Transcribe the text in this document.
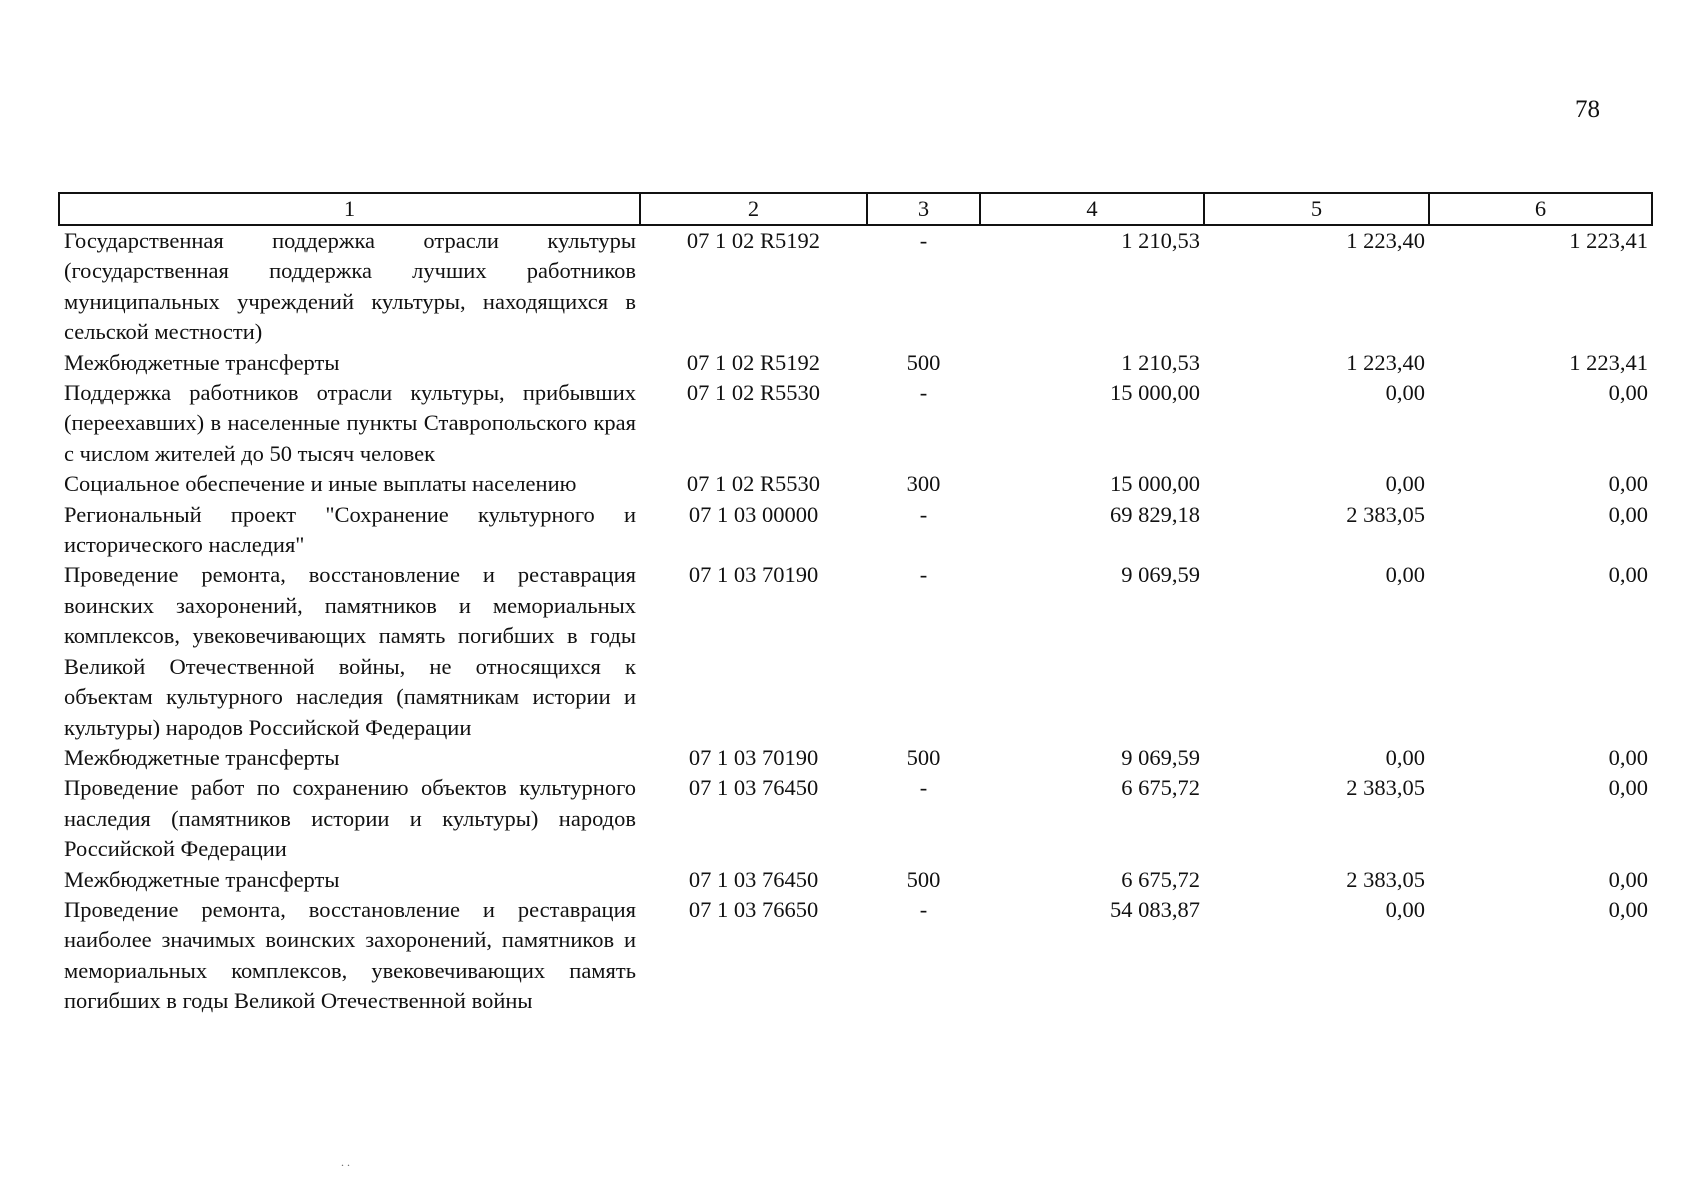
78
1	2	3	4	5	6
Государственная поддержка отрасли культуры (государственная поддержка лучших работников муниципальных учреждений культуры, находящихся в сельской местности)	07 1 02 R5192	-	1 210,53	1 223,40	1 223,41
Межбюджетные трансферты	07 1 02 R5192	500	1 210,53	1 223,40	1 223,41
Поддержка работников отрасли культуры, прибывших (переехавших) в населенные пункты Ставропольского края с числом жителей до 50 тысяч человек	07 1 02 R5530	-	15 000,00	0,00	0,00
Социальное обеспечение и иные выплаты населению	07 1 02 R5530	300	15 000,00	0,00	0,00
Региональный проект "Сохранение культурного и исторического наследия"	07 1 03 00000	-	69 829,18	2 383,05	0,00
Проведение ремонта, восстановление и реставрация воинских захоронений, памятников и мемориальных комплексов, увековечивающих память погибших в годы Великой Отечественной войны, не относящихся к объектам культурного наследия (памятникам истории и культуры) народов Российской Федерации	07 1 03 70190	-	9 069,59	0,00	0,00
Межбюджетные трансферты	07 1 03 70190	500	9 069,59	0,00	0,00
Проведение работ по сохранению объектов культурного наследия (памятников истории и культуры) народов Российской Федерации	07 1 03 76450	-	6 675,72	2 383,05	0,00
Межбюджетные трансферты	07 1 03 76450	500	6 675,72	2 383,05	0,00
Проведение ремонта, восстановление и реставрация наиболее значимых воинских захоронений, памятников и мемориальных комплексов, увековечивающих память погибших в годы Великой Отечественной войны	07 1 03 76650	-	54 083,87	0,00	0,00
. .
